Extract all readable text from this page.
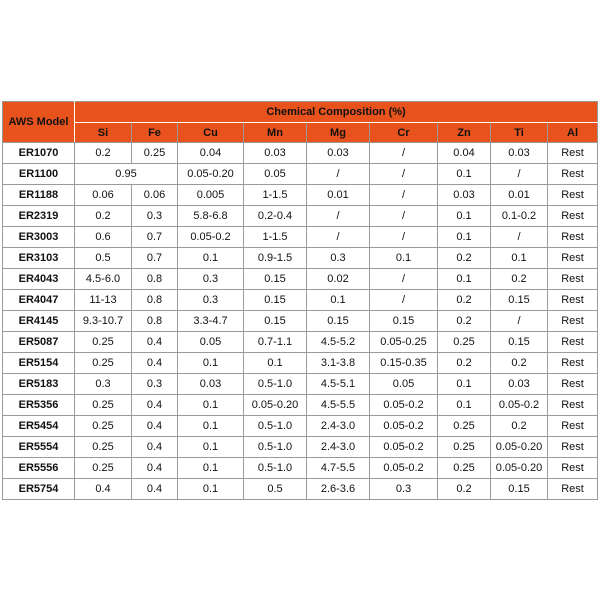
AWS Model	Chemical Composition (%)								
	Si	Fe	Cu	Mn	Mg	Cr	Zn	Ti	Al
ER1070	0.2	0.25	0.04	0.03	0.03	/	0.04	0.03	Rest
ER1100	0.95		0.05-0.20	0.05	/	/	0.1	/	Rest
ER1188	0.06	0.06	0.005	1-1.5	0.01	/	0.03	0.01	Rest
ER2319	0.2	0.3	5.8-6.8	0.2-0.4	/	/	0.1	0.1-0.2	Rest
ER3003	0.6	0.7	0.05-0.2	1-1.5	/	/	0.1	/	Rest
ER3103	0.5	0.7	0.1	0.9-1.5	0.3	0.1	0.2	0.1	Rest
ER4043	4.5-6.0	0.8	0.3	0.15	0.02	/	0.1	0.2	Rest
ER4047	11-13	0.8	0.3	0.15	0.1	/	0.2	0.15	Rest
ER4145	9.3-10.7	0.8	3.3-4.7	0.15	0.15	0.15	0.2	/	Rest
ER5087	0.25	0.4	0.05	0.7-1.1	4.5-5.2	0.05-0.25	0.25	0.15	Rest
ER5154	0.25	0.4	0.1	0.1	3.1-3.8	0.15-0.35	0.2	0.2	Rest
ER5183	0.3	0.3	0.03	0.5-1.0	4.5-5.1	0.05	0.1	0.03	Rest
ER5356	0.25	0.4	0.1	0.05-0.20	4.5-5.5	0.05-0.2	0.1	0.05-0.2	Rest
ER5454	0.25	0.4	0.1	0.5-1.0	2.4-3.0	0.05-0.2	0.25	0.2	Rest
ER5554	0.25	0.4	0.1	0.5-1.0	2.4-3.0	0.05-0.2	0.25	0.05-0.20	Rest
ER5556	0.25	0.4	0.1	0.5-1.0	4.7-5.5	0.05-0.2	0.25	0.05-0.20	Rest
ER5754	0.4	0.4	0.1	0.5	2.6-3.6	0.3	0.2	0.15	Rest
